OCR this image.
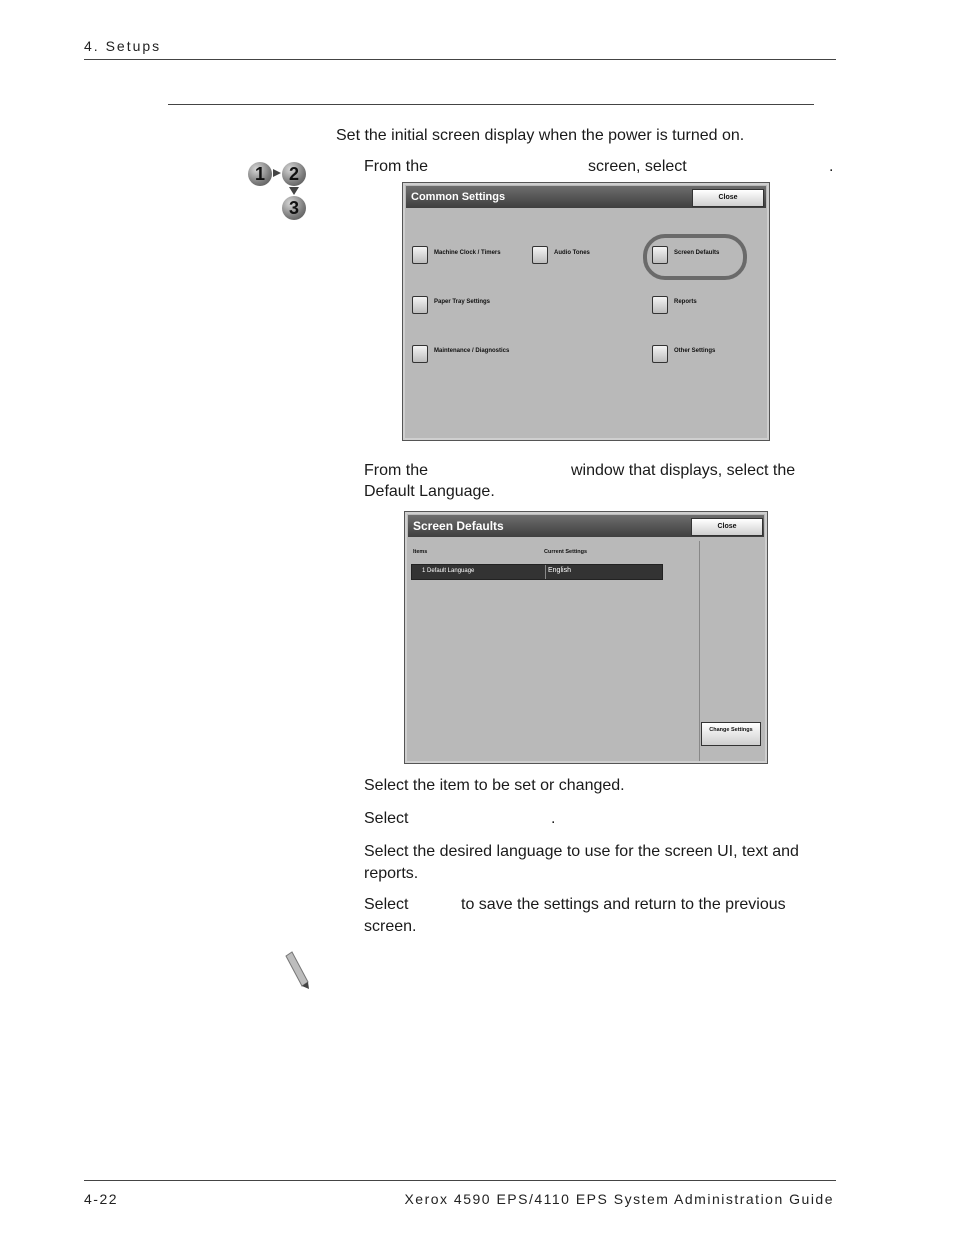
4. Setups
Set the initial screen display when the power is turned on.
1	2
3
From the	screen, select	.
Common Settings	Close
Machine Clock / Timers	Audio Tones	Screen Defaults
Paper Tray Settings	Reports
Maintenance / Diagnostics	Other Settings
From the	window that displays, select the
Default Language.
Screen Defaults	Close
Items	Current Settings
1 Default Language	English
Change Settings
Select the item to be set or changed.
Select	.
Select the desired language to use for the screen UI, text and
reports.
Select	to save the settings and return to the previous
screen.
4-22	Xerox 4590 EPS/4110 EPS System Administration Guide
